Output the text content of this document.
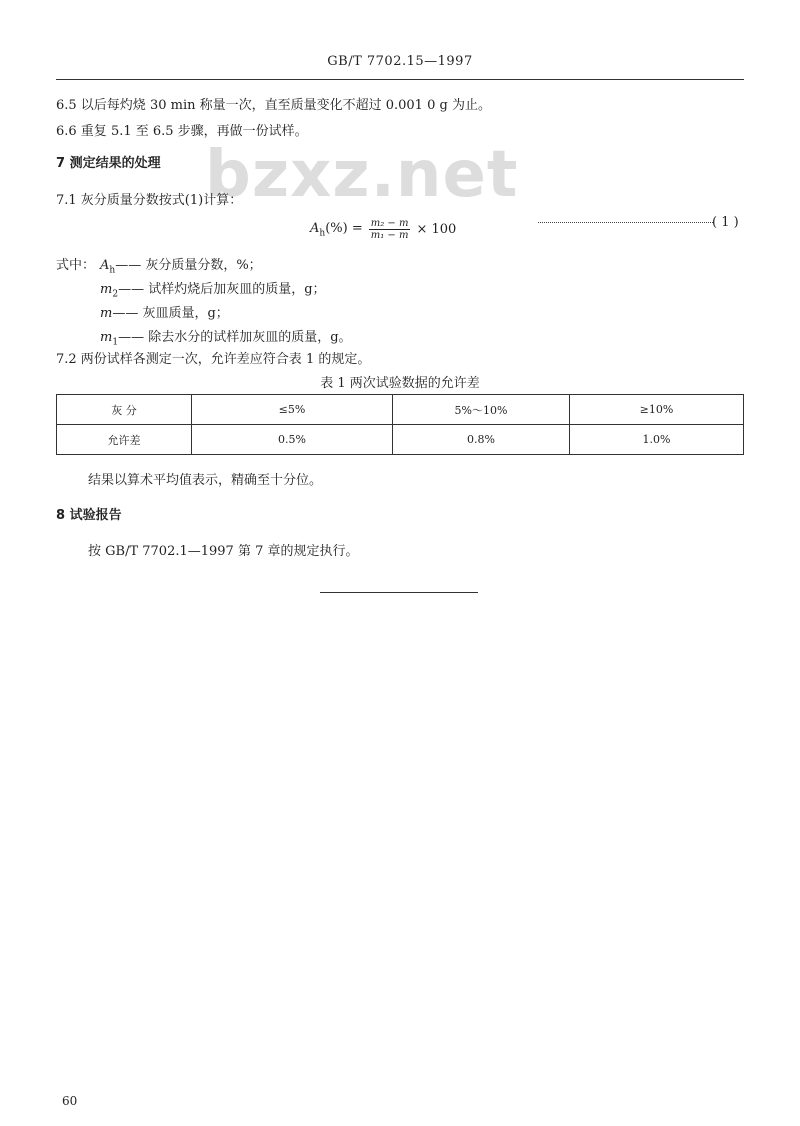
GB/T 7702.15—1997
bzxz.net
6.5 以后每灼烧 30 min 称量一次，直至质量变化不超过 0.001 0 g 为止。
6.6 重复 5.1 至 6.5 步骤，再做一份试样。
7 测定结果的处理
7.1 灰分质量分数按式(1)计算：
$A_h(\%) = \frac{\text{m₂ − m}}{\text{m₁ − m}} \times 100$	( 1 )
式中： $A_h——$ 灰分质量分数，%；
$m_2——$ 试样灼烧后加灰皿的质量，g；
m—— 灰皿质量，g；
$m_1——$ 除去水分的试样加灰皿的质量，g。
7.2 两份试样各测定一次，允许差应符合表 1 的规定。
表 1 两次试验数据的允许差
灰 分	≤5%	5%～10%	≥10%
允许差	0.5%	0.8%	1.0%
结果以算术平均值表示，精确至十分位。
8 试验报告
按 GB/T 7702.1—1997 第 7 章的规定执行。
60
